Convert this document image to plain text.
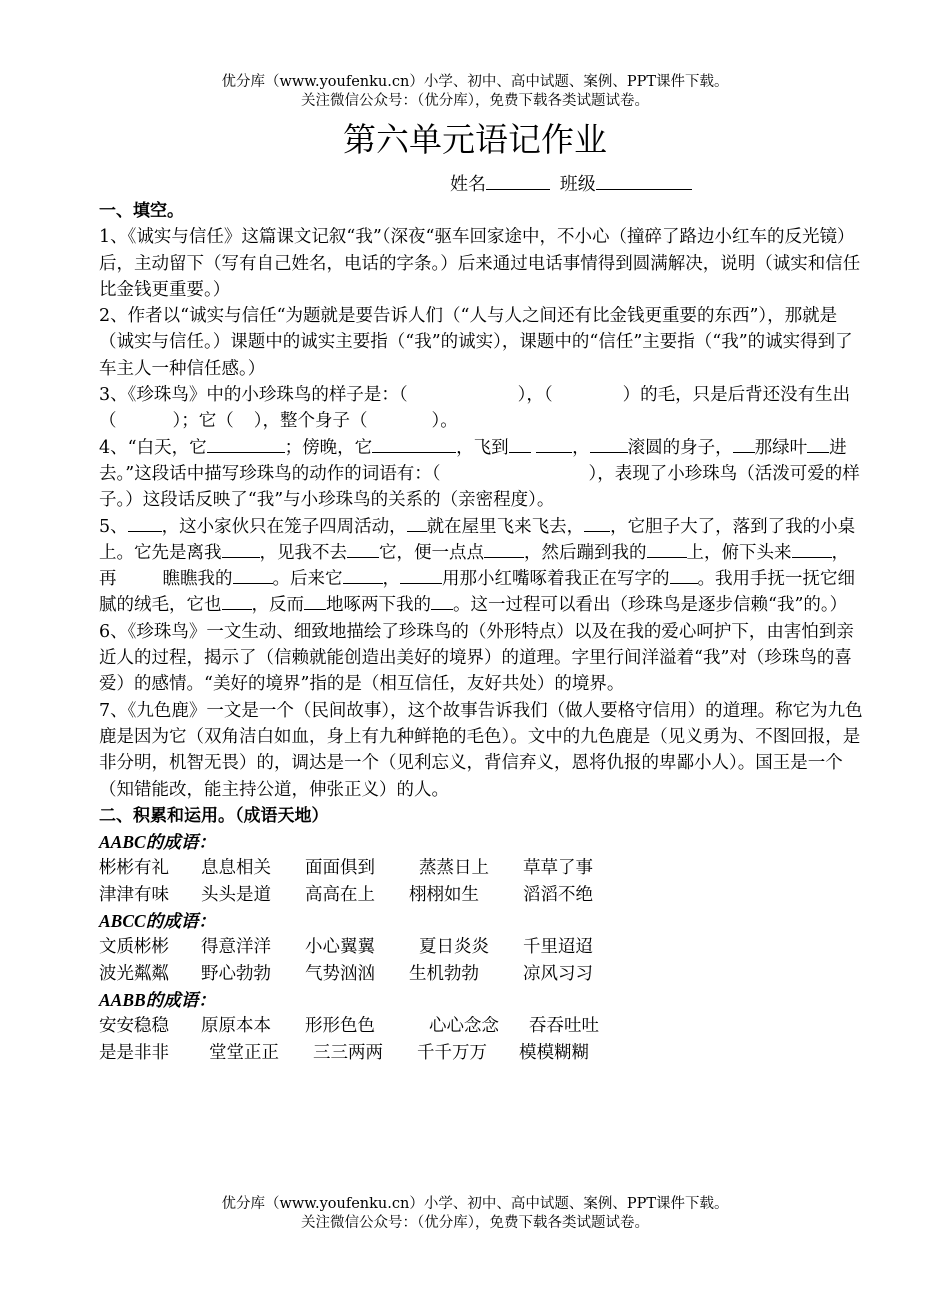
优分库（www.youfenku.cn）小学、初中、高中试题、案例、PPT课件下载。
关注微信公众号：（优分库），免费下载各类试题试卷。
第六单元语记作业
姓名	班级

一、填空。

1、《诚实与信任》这篇课文记叙“我”（深夜“驱车回家途中，不小心（撞碎了路边小红车的反光镜）后，主动留下（写有自己姓名，电话的字条。）后来通过电话事情得到圆满解决，说明（诚实和信任比金钱更重要。）

2、作者以“诚实与信任“为题就是要告诉人们（“人与人之间还有比金钱更重要的东西”），那就是（诚实与信任。）课题中的诚实主要指（“我”的诚实），课题中的“信任”主要指（“我”的诚实得到了车主人一种信任感。）

3、《珍珠鸟》中的小珍珠鸟的样子是：（	），（	）的毛，只是后背还没有生出（	）；它（ ），整个身子（	）。

4、“白天，它	；傍晚，它	，飞到	， 滚圆的身子， 那绿叶 进去。”这段话中描写珍珠鸟的动作的词语有：（	），表现了小珍珠鸟（活泼可爱的样子。）这段话反映了“我”与小珍珠鸟的关系的（亲密程度）。

5、 ，这小家伙只在笼子四周活动， 就在屋里飞来飞去， ，它胆子大了，落到了我的小桌上。它先是离我 ，见我不去 它，便一点点 ，然后蹦到我的 上，俯下头来 ，再	瞧瞧我的 。后来它 ， 用那小红嘴啄着我正在写字的 。我用手抚一抚它细腻的绒毛，它也 ，反而 地啄两下我的 。这一过程可以看出（珍珠鸟是逐步信赖“我”的。）

6、《珍珠鸟》一文生动、细致地描绘了珍珠鸟的（外形特点）以及在我的爱心呵护下，由害怕到亲近人的过程，揭示了（信赖就能创造出美好的境界）的道理。字里行间洋溢着“我”对（珍珠鸟的喜爱）的感情。“美好的境界”指的是（相互信任，友好共处）的境界。

7、《九色鹿》一文是一个（民间故事），这个故事告诉我们（做人要格守信用）的道理。称它为九色鹿是因为它（双角洁白如血，身上有九种鲜艳的毛色）。文中的九色鹿是（见义勇为、不图回报，是非分明，机智无畏）的，调达是一个（见利忘义，背信弃义，恩将仇报的卑鄙小人）。国王是一个（知错能改，能主持公道，伸张正义）的人。

二、积累和运用。（成语天地）

AABC的成语：

彬彬有礼 息息相关 面面俱到	蒸蒸日上 草草了事

津津有味 头头是道 高高在上 栩栩如生	滔滔不绝

ABCC的成语：

文质彬彬 得意洋洋 小心翼翼	夏日炎炎 千里迢迢

波光粼粼 野心勃勃 气势汹汹 生机勃勃	凉风习习

AABB的成语：

安安稳稳 原原本本 形形色色	心心念念 吞吞吐吐

是是非非 堂堂正正 三三两两 千千万万 模模糊糊

优分库（www.youfenku.cn）小学、初中、高中试题、案例、PPT课件下载。
关注微信公众号：（优分库），免费下载各类试题试卷。
